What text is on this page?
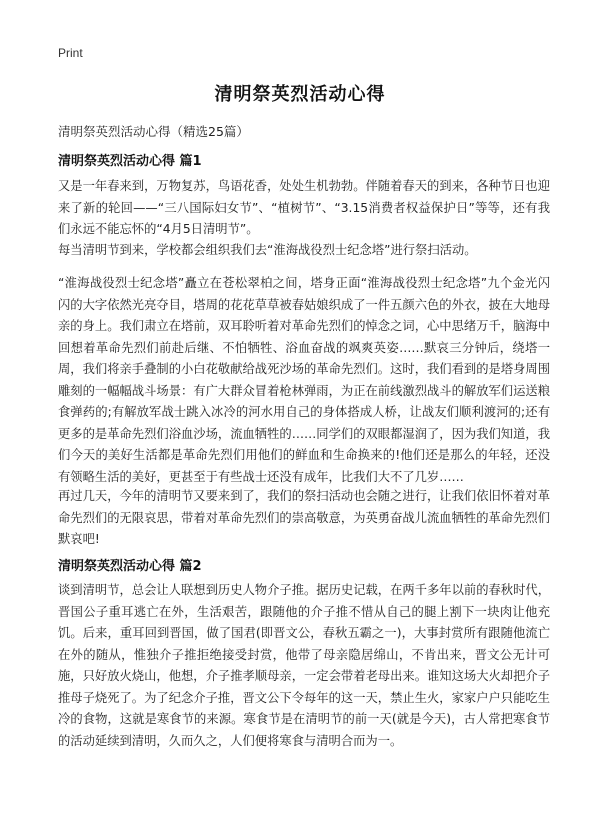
Print
清明祭英烈活动心得
清明祭英烈活动心得（精选25篇）
清明祭英烈活动心得 篇1

又是一年春来到，万物复苏，鸟语花香，处处生机勃勃。伴随着春天的到来，各种节日也迎来了新的轮回——“三八国际妇女节”、“植树节”、“3.15消费者权益保护日”等等，还有我们永远不能忘怀的“4月5日清明节”。

每当清明节到来，学校都会组织我们去“淮海战役烈士纪念塔”进行祭扫活动。

“淮海战役烈士纪念塔”矗立在苍松翠柏之间，塔身正面“淮海战役烈士纪念塔”九个金光闪闪的大字依然光亮夺目，塔周的花花草草被春姑娘织成了一件五颜六色的外衣，披在大地母亲的身上。我们肃立在塔前，双耳聆听着对革命先烈们的悼念之词，心中思绪万千，脑海中回想着革命先烈们前赴后继、不怕牺牲、浴血奋战的飒爽英姿……默哀三分钟后，绕塔一周，我们将亲手叠制的小白花敬献给战死沙场的革命先烈们。这时，我们看到的是塔身周围雕刻的一幅幅战斗场景：有广大群众冒着枪林弹雨，为正在前线激烈战斗的解放军们运送粮食弹药的;有解放军战士跳入冰冷的河水用自己的身体搭成人桥，让战友们顺利渡河的;还有更多的是革命先烈们浴血沙场，流血牺牲的……同学们的双眼都湿润了，因为我们知道，我们今天的美好生活都是革命先烈们用他们的鲜血和生命换来的!他们还是那么的年轻，还没有领略生活的美好，更甚至于有些战士还没有成年，比我们大不了几岁……

再过几天，今年的清明节又要来到了，我们的祭扫活动也会随之进行，让我们依旧怀着对革命先烈们的无限哀思，带着对革命先烈们的崇高敬意，为英勇奋战儿流血牺牲的革命先烈们默哀吧!

清明祭英烈活动心得 篇2

谈到清明节，总会让人联想到历史人物介子推。据历史记载，在两千多年以前的春秋时代，晋国公子重耳逃亡在外，生活艰苦，跟随他的介子推不惜从自己的腿上割下一块肉让他充饥。后来，重耳回到晋国，做了国君(即晋文公，春秋五霸之一)，大事封赏所有跟随他流亡在外的随从，惟独介子推拒绝接受封赏，他带了母亲隐居绵山，不肯出来，晋文公无计可施，只好放火烧山，他想，介子推孝顺母亲，一定会带着老母出来。谁知这场大火却把介子推母子烧死了。为了纪念介子推，晋文公下令每年的这一天，禁止生火，家家户户只能吃生冷的食物，这就是寒食节的来源。寒食节是在清明节的前一天(就是今天)，古人常把寒食节的活动延续到清明，久而久之，人们便将寒食与清明合而为一。
